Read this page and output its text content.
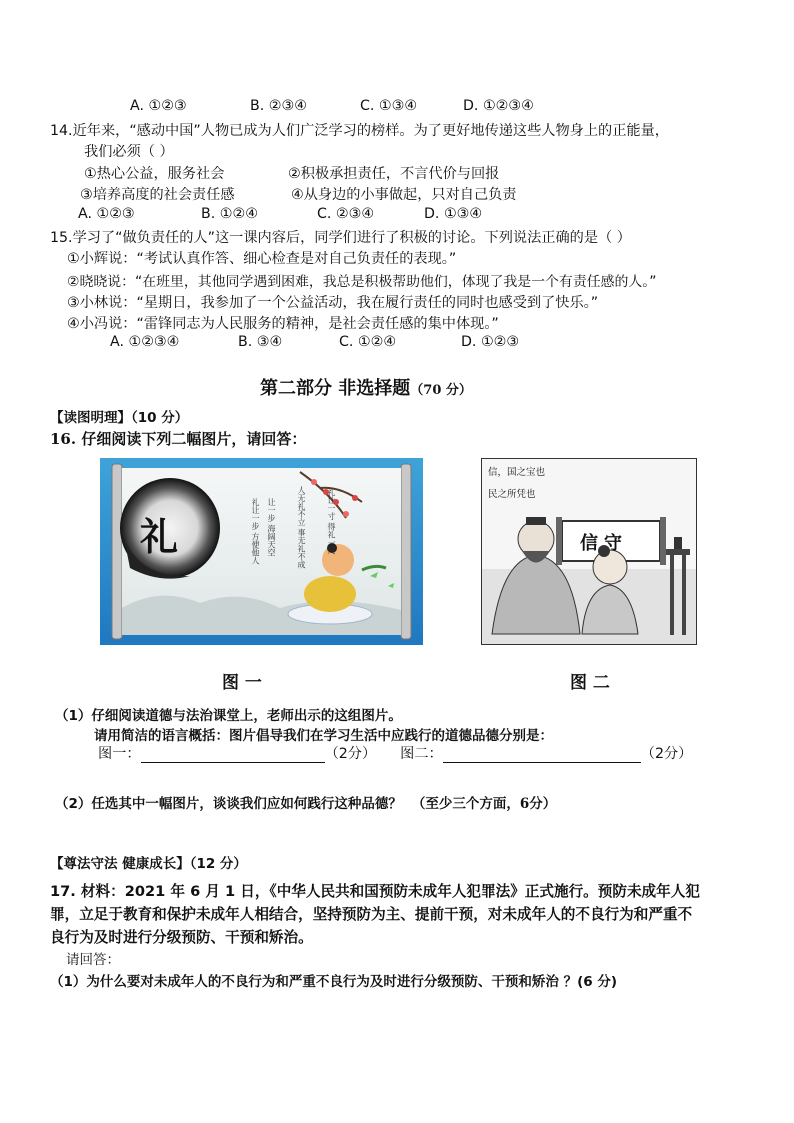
A. ①②③	B. ②③④	C. ①③④	D. ①②③④
14.近年来，“感动中国”人物已成为人们广泛学习的榜样。为了更好地传递这些人物身上的正能量，
我们必须（ ）
①热心公益，服务社会	②积极承担责任，不言代价与回报
③培养高度的社会责任感	④从身边的小事做起，只对自己负责
A. ①②③	B. ①②④	C. ②③④	D. ①③④
15.学习了“做负责任的人”这一课内容后，同学们进行了积极的讨论。下列说法正确的是（ ）
①小辉说：“考试认真作答、细心检查是对自己负责任的表现。”
②晓晓说：“在班里，其他同学遇到困难，我总是积极帮助他们，体现了我是一个有责任感的人。”
③小林说：“星期日，我参加了一个公益活动，我在履行责任的同时也感受到了快乐。”
④小冯说：“雷锋同志为人民服务的精神，是社会责任感的集中体现。”
A. ①②③④	B. ③④	C. ①②④	D. ①②③
第二部分 非选择题（70 分）
【读图明理】（10 分）
16. 仔细阅读下列二幅图片，请回答：
礼	礼让一寸 得礼一尺
人无礼不立 事无礼不成
让一步 海阔天空
礼让一步 方便他人
信，国之宝也
民之所凭也
信守
图 一	图 二
（1）仔细阅读道德与法治课堂上，老师出示的这组图片。
请用简洁的语言概括：图片倡导我们在学习生活中应践行的道德品德分别是：
图一：	（2分） 图二：	（2分）
（2）任选其中一幅图片，谈谈我们应如何践行这种品德？ （至少三个方面，6分）
【尊法守法 健康成长】（12 分）
17. 材料：2021 年 6 月 1 日，《中华人民共和国预防未成年人犯罪法》正式施行。预防未成年人犯
罪，立足于教育和保护未成年人相结合，坚持预防为主、提前干预，对未成年人的不良行为和严重不
良行为及时进行分级预防、干预和矫治。
请回答：
（1）为什么要对未成年人的不良行为和严重不良行为及时进行分级预防、干预和矫治 ？(6 分)
